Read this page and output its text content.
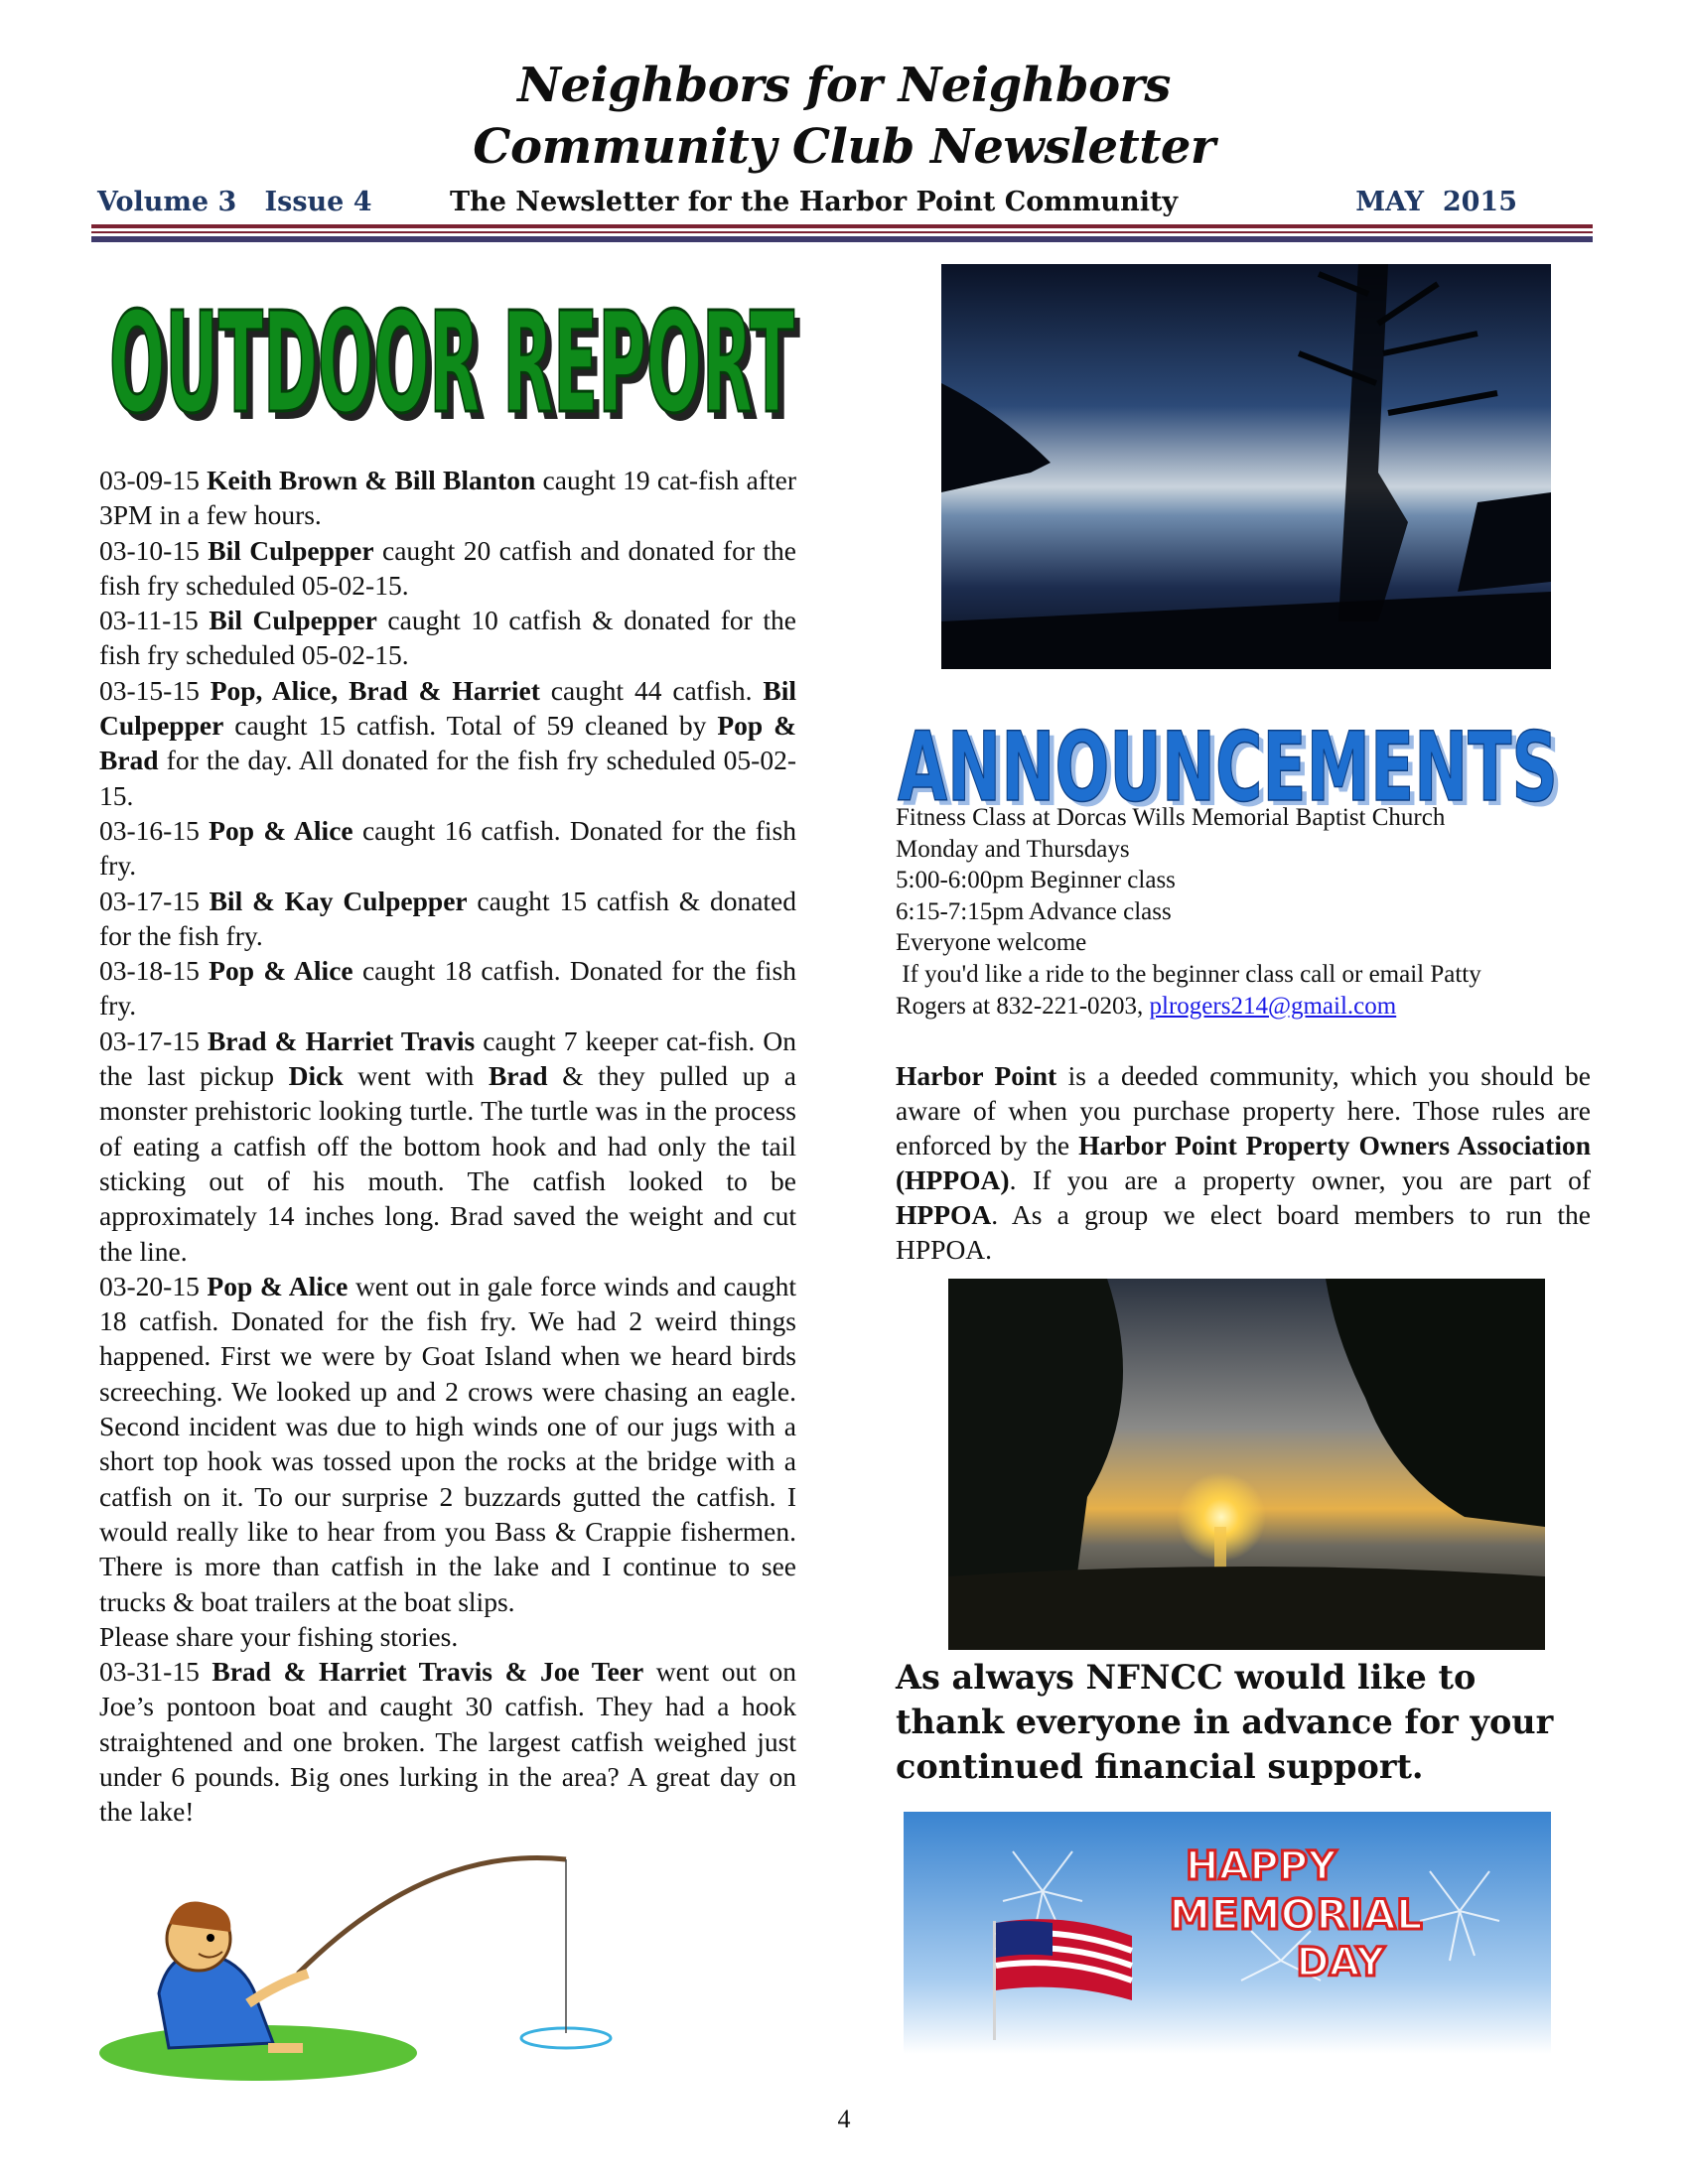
Neighbors for Neighbors
Community Club Newsletter
Volume 3   Issue 4	The Newsletter for the Harbor Point Community	MAY  2015
OUTDOOR REPORT
OUTDOOR REPORT

03-09-15 Keith Brown & Bill Blanton caught 19 cat-fish after 3PM in a few hours.

03-10-15 Bil Culpepper caught 20 catfish and donated for the fish fry scheduled 05-02-15.

03-11-15 Bil Culpepper caught 10 catfish & donated for the fish fry scheduled 05-02-15.

03-15-15 Pop, Alice, Brad & Harriet caught 44 catfish. Bil Culpepper caught 15 catfish. Total of 59 cleaned by Pop & Brad for the day. All donated for the fish fry scheduled 05-02-15.

03-16-15 Pop & Alice caught 16 catfish. Donated for the fish fry.

03-17-15 Bil & Kay Culpepper caught 15 catfish & donated for the fish fry.

03-18-15 Pop & Alice caught 18 catfish. Donated for the fish fry.

03-17-15 Brad & Harriet Travis caught 7 keeper cat-fish. On the last pickup Dick went with Brad & they pulled up a monster prehistoric looking turtle. The turtle was in the process of eating a catfish off the bottom hook and had only the tail sticking out of his mouth. The catfish looked to be approximately 14 inches long. Brad saved the weight and cut the line.

03-20-15 Pop & Alice went out in gale force winds and caught 18 catfish. Donated for the fish fry. We had 2 weird things happened. First we were by Goat Island when we heard birds screeching. We looked up and 2 crows were chasing an eagle. Second incident was due to high winds one of our jugs with a short top hook was tossed upon the rocks at the bridge with a catfish on it. To our surprise 2 buzzards gutted the catfish. I would really like to hear from you Bass & Crappie fishermen. There is more than catfish in the lake and I continue to see trucks & boat trailers at the boat slips.

Please share your fishing stories.

03-31-15 Brad & Harriet Travis & Joe Teer went out on Joe’s pontoon boat and caught 30 catfish. They had a hook straightened and one broken. The largest catfish weighed just under 6 pounds. Big ones lurking in the area? A great day on the lake!

ANNOUNCEMENTS
ANNOUNCEMENTS
Fitness Class at Dorcas Wills Memorial Baptist Church
Monday and Thursdays
5:00-6:00pm Beginner class
6:15-7:15pm Advance class
Everyone welcome
If you'd like a ride to the beginner class call or email Patty
Rogers at 832-221-0203, plrogers214@gmail.com

Harbor Point is a deeded community, which you should be aware of when you purchase property here. Those rules are enforced by the Harbor Point Property Owners Association (HPPOA). If you are a property owner, you are part of HPPOA. As a group we elect board members to run the HPPOA.

As always NFNCC would like to thank everyone in advance for your continued financial support.
HAPPY
MEMORIAL
DAY
4
